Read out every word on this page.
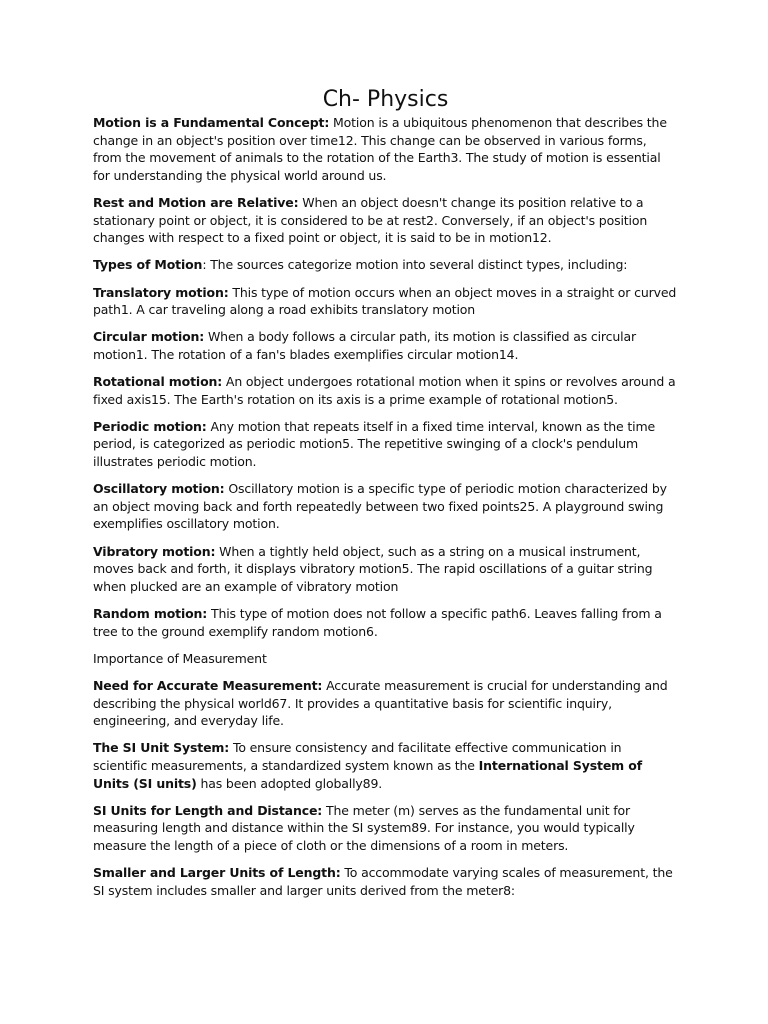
Ch- Physics

Motion is a Fundamental Concept: Motion is a ubiquitous phenomenon that describes the change in an object's position over time12. This change can be observed in various forms, from the movement of animals to the rotation of the Earth3. The study of motion is essential for understanding the physical world around us.

Rest and Motion are Relative: When an object doesn't change its position relative to a stationary point or object, it is considered to be at rest2. Conversely, if an object's position changes with respect to a fixed point or object, it is said to be in motion12.

Types of Motion: The sources categorize motion into several distinct types, including:

Translatory motion: This type of motion occurs when an object moves in a straight or curved path1. A car traveling along a road exhibits translatory motion

Circular motion: When a body follows a circular path, its motion is classified as circular motion1. The rotation of a fan's blades exemplifies circular motion14.

Rotational motion: An object undergoes rotational motion when it spins or revolves around a fixed axis15. The Earth's rotation on its axis is a prime example of rotational motion5.

Periodic motion: Any motion that repeats itself in a fixed time interval, known as the time period, is categorized as periodic motion5. The repetitive swinging of a clock's pendulum illustrates periodic motion.

Oscillatory motion: Oscillatory motion is a specific type of periodic motion characterized by an object moving back and forth repeatedly between two fixed points25. A playground swing exemplifies oscillatory motion.

Vibratory motion: When a tightly held object, such as a string on a musical instrument, moves back and forth, it displays vibratory motion5. The rapid oscillations of a guitar string when plucked are an example of vibratory motion

Random motion: This type of motion does not follow a specific path6. Leaves falling from a tree to the ground exemplify random motion6.

Importance of Measurement

Need for Accurate Measurement: Accurate measurement is crucial for understanding and describing the physical world67. It provides a quantitative basis for scientific inquiry, engineering, and everyday life.

The SI Unit System: To ensure consistency and facilitate effective communication in scientific measurements, a standardized system known as the International System of Units (SI units) has been adopted globally89.

SI Units for Length and Distance: The meter (m) serves as the fundamental unit for measuring length and distance within the SI system89. For instance, you would typically measure the length of a piece of cloth or the dimensions of a room in meters.

Smaller and Larger Units of Length: To accommodate varying scales of measurement, the SI system includes smaller and larger units derived from the meter8:
